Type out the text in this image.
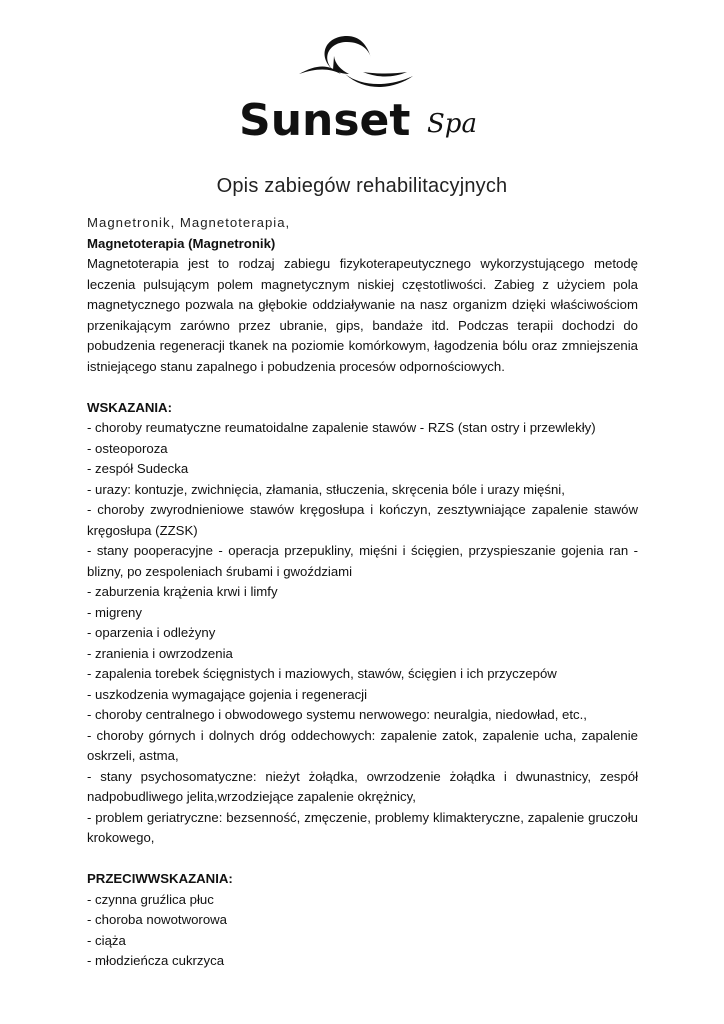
Sunset Spa
Opis zabiegów rehabilitacyjnych
Magnetronik, Magnetoterapia,
Magnetoterapia (Magnetronik)

Magnetoterapia jest to rodzaj zabiegu fizykoterapeutycznego wykorzystującego metodę leczenia pulsującym polem magnetycznym niskiej częstotliwości. Zabieg z użyciem pola magnetycznego pozwala na głębokie oddziaływanie na nasz organizm dzięki właściwościom przenikającym zarówno przez ubranie, gips, bandaże itd. Podczas terapii dochodzi do pobudzenia regeneracji tkanek na poziomie komórkowym, łagodzenia bólu oraz zmniejszenia istniejącego stanu zapalnego i pobudzenia procesów odpornościowych.

WSKAZANIA:

- choroby reumatyczne reumatoidalne zapalenie stawów - RZS (stan ostry i przewlekły)

- osteoporoza

- zespół Sudecka

- urazy: kontuzje, zwichnięcia, złamania, stłuczenia, skręcenia bóle i urazy mięśni,

- choroby zwyrodnieniowe stawów kręgosłupa i kończyn, zesztywniające zapalenie stawów kręgosłupa (ZZSK)

- stany pooperacyjne - operacja przepukliny, mięśni i ścięgien, przyspieszanie gojenia ran - blizny, po zespoleniach śrubami i gwoździami

- zaburzenia krążenia krwi i limfy

- migreny

- oparzenia i odleżyny

- zranienia i owrzodzenia

- zapalenia torebek ścięgnistych i maziowych, stawów, ścięgien i ich przyczepów

- uszkodzenia wymagające gojenia i regeneracji

- choroby centralnego i obwodowego systemu nerwowego: neuralgia, niedowład, etc.,

- choroby górnych i dolnych dróg oddechowych: zapalenie zatok, zapalenie ucha, zapalenie oskrzeli, astma,

- stany psychosomatyczne: nieżyt żołądka, owrzodzenie żołądka i dwunastnicy, zespół nadpobudliwego jelita,wrzodziejące zapalenie okrężnicy,

- problem geriatryczne: bezsenność, zmęczenie, problemy klimakteryczne, zapalenie gruczołu krokowego,

PRZECIWWSKAZANIA:

- czynna gruźlica płuc

- choroba nowotworowa

- ciąża

- młodzieńcza cukrzyca
